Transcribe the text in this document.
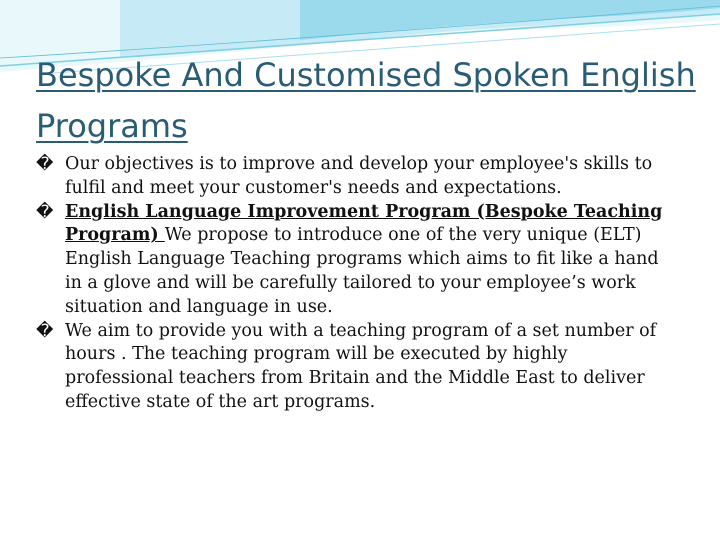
Bespoke And Customised Spoken English Programs
� Our objectives is to improve and develop your employee's skills to fulfil and meet your customer's needs and expectations.
� English Language Improvement Program (Bespoke Teaching Program) We propose to introduce one of the very unique (ELT) English Language Teaching programs which aims to fit like a hand in a glove and will be carefully tailored to your employee’s work situation and language in use.
� We aim to provide you with a teaching program of a set number of hours . The teaching program will be executed by highly professional teachers from Britain and the Middle East to deliver effective state of the art programs.
